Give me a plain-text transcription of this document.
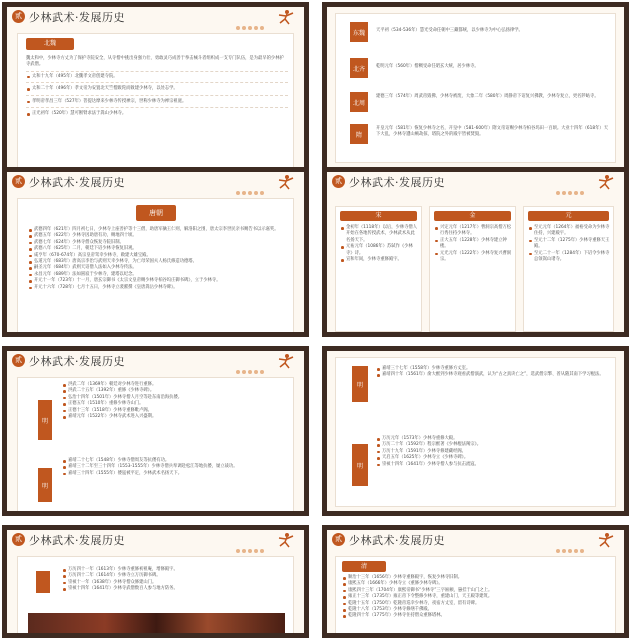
贰 少林武术·发展历史
北魏

魏太和中，少林寺方丈为了保护寺院安全，从寺僧中挑出身强力壮、勇敢灵巧成善于拳击械斗者组织成一支专门队伍，是为最早的少林护寺武僧。

太和十九年（495年）北魏孝文帝创建寺院。

太和二十年（496年）孝文帝为安置北天竺僧跋陀而敕建少林寺，以处志学。

孝明帝孝昌三年（527年）菩提达摩来少林寺传授禅宗，世称少林寺为禅宗祖庭。

正光初年（520年）慧可断臂求法于嵩山少林寺。

东魏	天平初（534-536年）慧光受命任朝中三藏都统，以少林寺为中心弘扬律学。
北齐	乾明元年（560年）僧稠受命任昭玄大统，居少林寺。
北周
建德三年（574年）周武帝毁佛，少林寺被废，大象二年（580年）周静帝下诏复兴佛教，少林寺复立，更名陟岵寺。
隋
开皇元年（581年）恢复少林寺之名，开皇中（581-600年）隋文帝诏赐少林寺柏谷坞田一百顷。大业十四年（618年）天下大乱，少林寺遭山贼劫掠，塔院之外的殿宇皆被焚毁。
贰 少林武术·发展历史
唐朝

武德四年（621年）四月初七日，少林寺上座善护等十三僧，助唐军擒王仁则，解洛阳之围，唐太宗李世民亲书赐告书以示嘉奖。

武德五年（622年）少林寺因助唐有功，赐地四十顷。

武德七年（624年）少林寺僧众恢复寺院旧制。

武德八年（625年）二月，朝廷下诏少林寺恢复旧观。

咸亨年（670-674年）高宗皇帝驾幸少林寺，敕建大雄宝殿。

弘道元年（683年）唐高宗李治与武则天幸少林寺，为亡母荣国夫人杨氏修造功德塔。

嗣圣元年（684年）武则天诏僧人法如入少林寺传法。

永昌元年（689年）法如圆寂于少林寺，建塔以纪念。

开元十一年（723年）十一月，唐玄宗御书《太宗文皇帝赐少林寺柏谷坞庄御书碑》，立于少林寺。

开元十六年（728年）七月十五日，少林寺立裴漼撰《皇唐嵩岳少林寺碑》。

贰 少林武术·发展历史
宋

金初年（1118年）以后，少林寺僧人开始在各地传授武术，少林武术从此名扬天下。

元祐元年（1086年）苏轼作《少林寺》诗。

宣和年间，少林寺重修殿宇。

金

兴定元年（1217年）曹洞宗高僧万松行秀住持少林寺。

正大五年（1228年）少林寺建立钟楼。

元光元年（1222年）少林寺复兴曹洞宗。

元

至元元年（1264年）福裕受命为少林寺住持，兴建殿宇。

至元十二年（1275年）少林寺重修天王殿。

至元二十一年（1284年）下诏令少林寺总领嵩山诸寺。

贰 少林武术·发展历史
明

洪武二年（1369年）朝廷对少林寺进行重修。

洪武二十五年（1392年）重修《少林寺碑》。

弘治十四年（1501年）少林寺僧人月空等赴东南沿海抗倭。

正德五年（1510年）重修少林寺山门。

正德十三年（1518年）少林寺重修毗卢阁。

嘉靖元年（1522年）少林寺武术进入兴盛期。

明

嘉靖二十七年（1548年）少林寺僧周友等抗倭有功。

嘉靖三十二年至三十四年（1553-1555年）少林寺僧兵奉调赴松江等地抗倭，屡立战功。

嘉靖三十四年（1555年）倭寇被平定，少林武术名扬天下。

明

嘉靖三十七年（1558年）少林寺重修方丈室。

嘉靖四十年（1561年）俞大猷到少林寺观看武僧演武，认为“古之真诀亡之”，选武僧宗擎、普从随其南下学习棍法。

明

万历元年（1573年）少林寺重修大殿。

万历二十年（1592年）程宗猷著《少林棍法阐宗》。

万历十九年（1591年）少林寺修建藏经阁。

天启五年（1625年）少林寺立《少林寺碑》。

崇祯十四年（1641年）少林寺僧人参与抗击流寇。

贰 少林武术·发展历史

万历四十一年（1613年）少林寺重修初祖庵，增修殿宇。

万历四十二年（1614年）少林寺立万历御书碑。

崇祯十一年（1638年）少林寺僧众修建山门。

崇祯十四年（1641年）少林寺武僧数百人参与地方防务。

贰 少林武术·发展历史
清

顺治十三年（1656年）少林寺重修殿宇，恢复少林寺旧制。

康熙五年（1666年）少林寺立《重修少林寺碑》。

康熙四十三年（1704年）康熙帝御书“少林寺”三字匾额，悬挂于山门之上。

雍正十三年（1735年）雍正帝下令整修少林寺，重建山门、天王殿等建筑。

乾隆十五年（1750年）乾隆帝巡幸少林寺，夜宿方丈室，留有诗碑。

乾隆十八年（1753年）少林寺修缮千佛殿。

乾隆四十年（1775年）少林寺住持僧众重修塔林。
